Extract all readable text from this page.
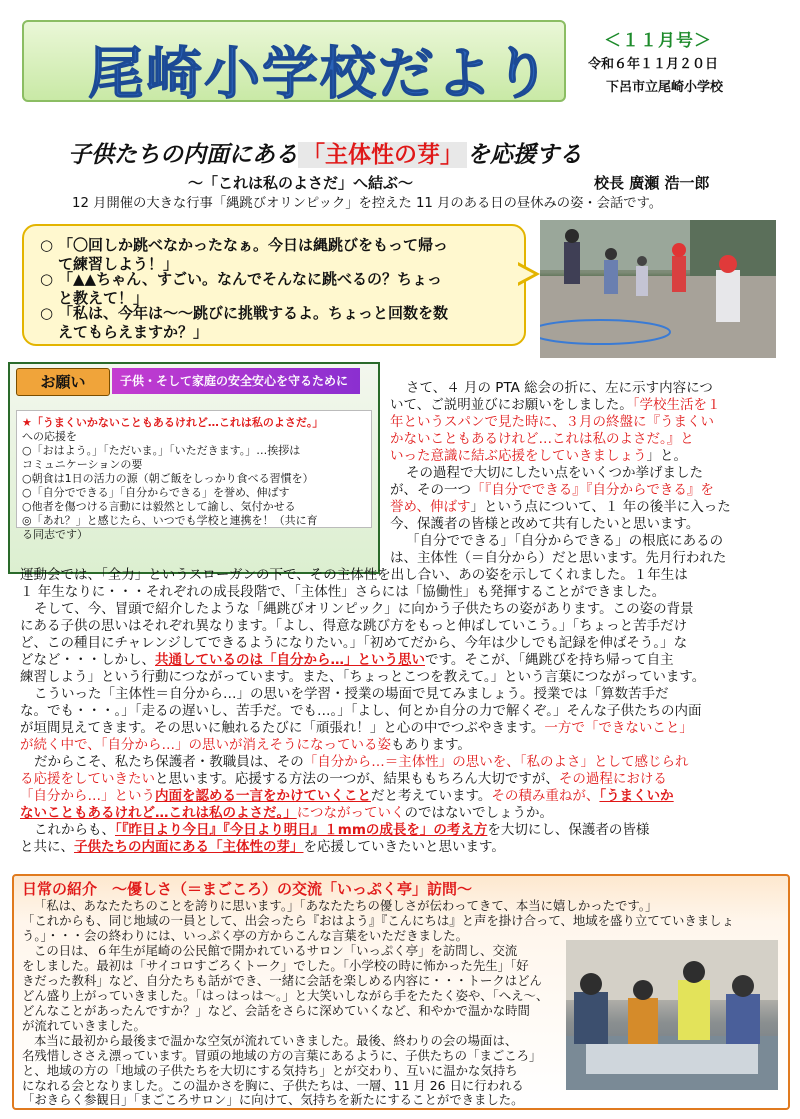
尾崎小学校だより
＜１１月号＞
令和６年１１月２０日
下呂市立尾崎小学校
子供たちの内面にある 「主体性の芽」 を応援する
～「これは私のよさだ」へ結ぶ～	校長 廣瀬 浩一郎
12 月開催の大きな行事「縄跳びオリンピック」を控えた 11 月のある日の昼休みの姿・会話です。
○ 「〇回しか跳べなかったなぁ。今日は縄跳びをもって帰っ
て練習しよう！」
○ 「▲▲ちゃん、すごい。なんでそんなに跳べるの？ちょっ
と教えて！」
○ 「私は、今年は～～跳びに挑戦するよ。ちょっと回数を数
えてもらえますか？」
お願い	子供・そして家庭の安全安心を守るために
★「うまくいかないこともあるけれど…これは私のよさだ。」
への応援を
○「おはよう。」「ただいま。」「いただきます。」…挨拶は
コミュニケーションの要
○朝食は1日の活力の源（朝ご飯をしっかり食べる習慣を）
○「自分でできる」「自分からできる」を誉め、伸ばす
○他者を傷つける言動には毅然として諭し、気付かせる
◎「あれ？」と感じたら、いつでも学校と連携を！（共に育
る同志です）
さて、４ 月の PTA 総会の折に、左に示す内容につ
いて、ご説明並びにお願いをしました。「学校生活を１
年というスパンで見た時に、３月の終盤に『うまくい
かないこともあるけれど…これは私のよさだ。』と
いった意識に結ぶ応援をしていきましょう」と。
その過程で大切にしたい点をいくつか挙げました
が、その一つ「『自分でできる』『自分からできる』を
誉め、伸ばす」という点について、１ 年の後半に入った
今、保護者の皆様と改めて共有したいと思います。
「自分でできる」「自分からできる」の根底にあるの
は、主体性（＝自分から）だと思います。先月行われた
運動会では、「全力」というスローガンの下で、その主体性を出し合い、あの姿を示してくれました。１年生は
１ 年生なりに・・・それぞれの成長段階で、「主体性」さらには「協働性」も発揮することができました。
そして、今、冒頭で紹介したような「縄跳びオリンピック」に向かう子供たちの姿があります。この姿の背景
にある子供の思いはそれぞれ異なります。「よし、得意な跳び方をもっと伸ばしていこう。」「ちょっと苦手だけ
ど、この種目にチャレンジしてできるようになりたい。」「初めてだから、今年は少しでも記録を伸ばそう。」な
どなど・・・しかし、共通しているのは「自分から…」という思いです。そこが、「縄跳びを持ち帰って自主
練習しよう」という行動につながっています。また、「ちょっとこつを教えて。」という言葉につながっています。
こういった「主体性＝自分から…」の思いを学習・授業の場面で見てみましょう。授業では「算数苦手だ
な。でも・・・。」「走るの遅いし、苦手だ。でも…。」「よし、何とか自分の力で解くぞ。」そんな子供たちの内面
が垣間見えてきます。その思いに触れるたびに「頑張れ！」と心の中でつぶやきます。一方で「できないこと」
が続く中で、「自分から…」の思いが消えそうになっている姿もあります。
だからこそ、私たち保護者・教職員は、その「自分から…＝主体性」の思いを、「私のよさ」として感じられ
る応援をしていきたいと思います。応援する方法の一つが、結果ももちろん大切ですが、その過程における
「自分から…」という内面を認める一言をかけていくことだと考えています。その積み重ねが、「うまくいか
ないこともあるけれど…これは私のよさだ。」につながっていくのではないでしょうか。
これからも、「『昨日より今日』『今日より明日』１mmの成長を」の考え方を大切にし、保護者の皆様
と共に、子供たちの内面にある「主体性の芽」を応援していきたいと思います。
日常の紹介　～優しさ（＝まごころ）の交流「いっぷく亭」訪問～
「私は、あなたたちのことを誇りに思います。」「あなたたちの優しさが伝わってきて、本当に嬉しかったです。」
「これからも、同じ地域の一員として、出会ったら『おはよう』『こんにちは』と声を掛け合って、地域を盛り立てていきましょ
う。」・・・会の終わりには、いっぷく亭の方からこんな言葉をいただきました。
この日は、６年生が尾崎の公民館で開かれているサロン「いっぷく亭」を訪問し、交流
をしました。最初は「サイコロすごろくトーク」でした。「小学校の時に怖かった先生」「好
きだった教科」など、自分たちも話ができ、一緒に会話を楽しめる内容に・・・トークはどん
どん盛り上がっていきました。「はっはっは～。」と大笑いしながら手をたたく姿や、「へえ～、
どんなことがあったんですか？」など、会話をさらに深めていくなど、和やかで温かな時間
が流れていきました。
本当に最初から最後まで温かな空気が流れていきました。最後、終わりの会の場面は、
名残惜しささえ漂っています。冒頭の地域の方の言葉にあるように、子供たちの「まごころ」
と、地域の方の「地域の子供たちを大切にする気持ち」とが交わり、互いに温かな気持ち
になれる会となりました。この温かさを胸に、子供たちは、一層、11 月 26 日に行われる
「おきらく参観日」「まごころサロン」に向けて、気持ちを新たにすることができました。
